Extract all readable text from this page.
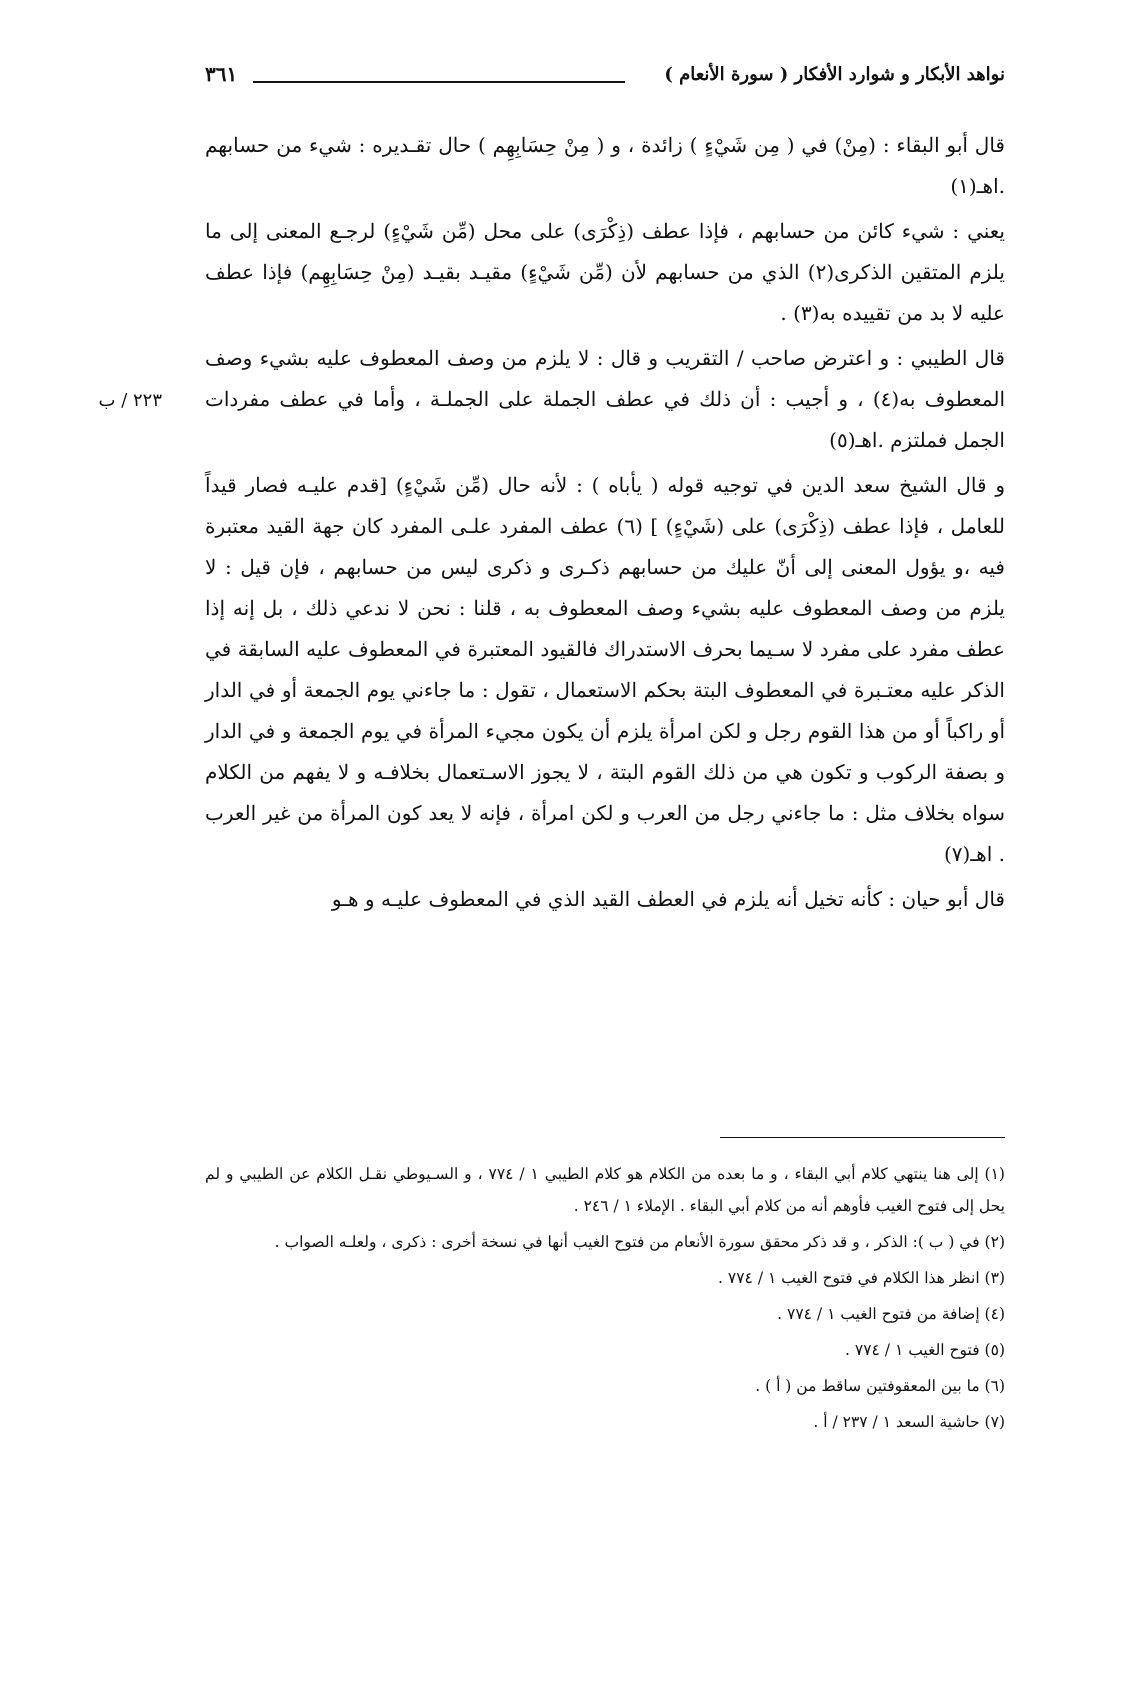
نواهد الأبكار و شوارد الأفكار ( سورة الأنعام )
٣٦١
٢٢٣ / ب

قال أبو البقاء : (مِنْ) في ( مِن شَيْءٍ ) زائدة ، و ( مِنْ حِسَابِهِم ) حال تقـديره : شيء من حسابهم .اهـ(١)

يعني : شيء كائن من حسابهم ، فإذا عطف (ذِكْرَى) على محل (مِّن شَيْءٍ) لرجـع المعنى إلى ما يلزم المتقين الذكرى(٢) الذي من حسابهم لأن (مِّن شَيْءٍ) مقيـد بقيـد (مِنْ حِسَابِهِم) فإذا عطف عليه لا بد من تقييده به(٣) .

قال الطيبي : و اعترض صاحب / التقريب و قال : لا يلزم من وصف المعطوف عليه بشيء وصف المعطوف به(٤) ، و أجيب : أن ذلك في عطف الجملة على الجملـة ، وأما في عطف مفردات الجمل فملتزم .اهـ(٥)

و قال الشيخ سعد الدين في توجيه قوله ( يأباه ) : لأنه حال (مِّن شَيْءٍ) [قدم عليـه فصار قيداً للعامل ، فإذا عطف (ذِكْرَى) على (شَيْءٍ) ] (٦) عطف المفرد علـى المفرد كان جهة القيد معتبرة فيه ،و يؤول المعنى إلى أنّ عليك من حسابهم ذكـرى و ذكرى ليس من حسابهم ، فإن قيل : لا يلزم من وصف المعطوف عليه بشيء وصف المعطوف به ، قلنا : نحن لا ندعي ذلك ، بل إنه إذا عطف مفرد على مفرد لا سـيما بحرف الاستدراك فالقيود المعتبرة في المعطوف عليه السابقة في الذكر عليه معتـبرة في المعطوف البتة بحكم الاستعمال ، تقول : ما جاءني يوم الجمعة أو في الدار أو راكباً أو من هذا القوم رجل و لكن امرأة يلزم أن يكون مجيء المرأة في يوم الجمعة و في الدار و بصفة الركوب و تكون هي من ذلك القوم البتة ، لا يجوز الاسـتعمال بخلافـه و لا يفهم من الكلام سواه بخلاف مثل : ما جاءني رجل من العرب و لكن امرأة ، فإنه لا يعد كون المرأة من غير العرب . اهـ(٧)

قال أبو حيان : كأنه تخيل أنه يلزم في العطف القيد الذي في المعطوف عليـه و هـو

(١) إلى هنا ينتهي كلام أبي البقاء ، و ما بعده من الكلام هو كلام الطيبي ١ / ٧٧٤ ، و السـيوطي نقـل الكلام عن الطيبي و لم يحل إلى فتوح الغيب فأوهم أنه من كلام أبي البقاء . الإملاء ١ / ٢٤٦ .

(٢) في ( ب ): الذكر ، و قد ذكر محقق سورة الأنعام من فتوح الغيب أنها في نسخة أخرى : ذكرى ، ولعلـه الصواب .

(٣) انظر هذا الكلام في فتوح الغيب ١ / ٧٧٤ .

(٤) إضافة من فتوح الغيب ١ / ٧٧٤ .

(٥) فتوح الغيب ١ / ٧٧٤ .

(٦) ما بين المعقوفتين ساقط من ( أ ) .

(٧) حاشية السعد ١ / ٢٣٧ / أ .
